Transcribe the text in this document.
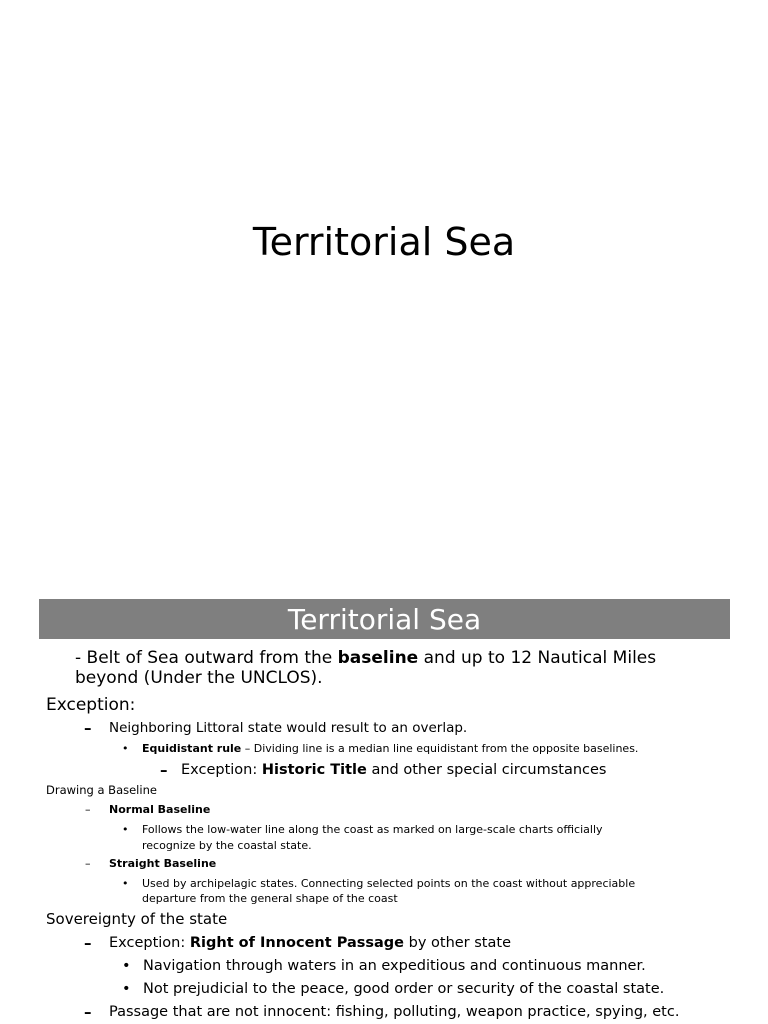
Territorial Sea
Territorial Sea
- Belt of Sea outward from the baseline and up to 12 Nautical Miles
beyond (Under the UNCLOS).
Exception:
– Neighboring Littoral state would result to an overlap.
• Equidistant rule – Dividing line is a median line equidistant from the opposite baselines.
– Exception: Historic Title and other special circumstances
Drawing a Baseline
– Normal Baseline
• Follows the low-water line along the coast as marked on large-scale charts officially
recognize by the coastal state.
– Straight Baseline
• Used by archipelagic states. Connecting selected points on the coast without appreciable
departure from the general shape of the coast
Sovereignty of the state
– Exception: Right of Innocent Passage by other state
• Navigation through waters in an expeditious and continuous manner.
• Not prejudicial to the peace, good order or security of the coastal state.
– Passage that are not innocent: fishing, polluting, weapon practice, spying, etc.
